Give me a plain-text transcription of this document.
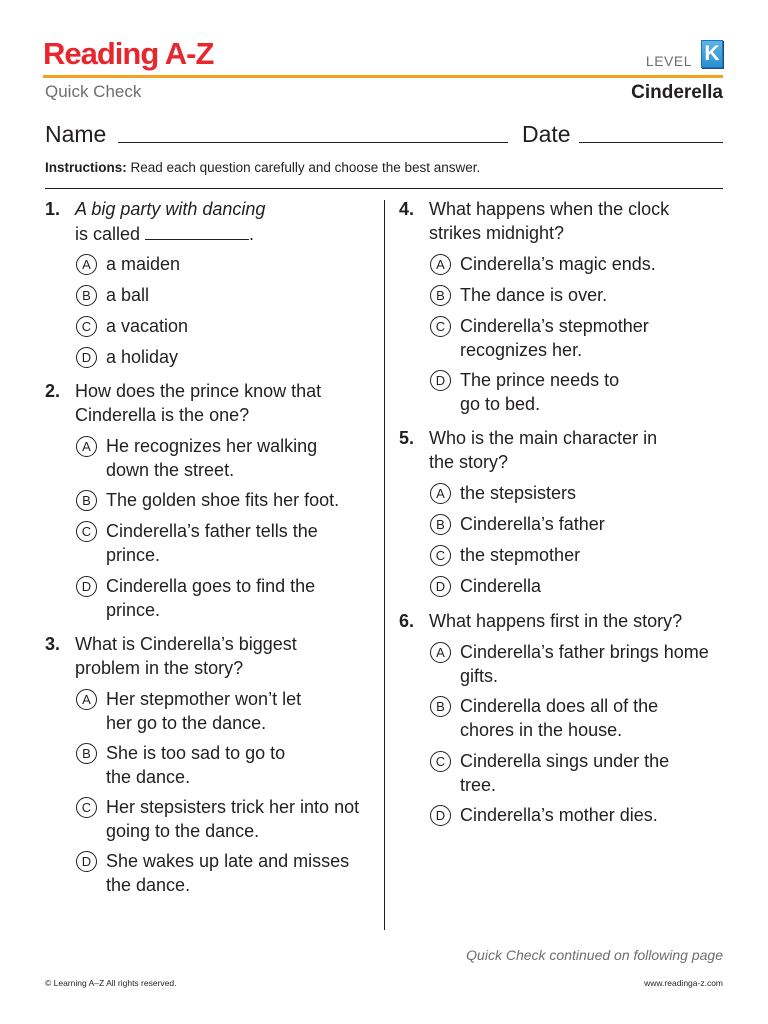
Reading A-Z	LEVEL K
Quick Check	Cinderella
Name	Date
Instructions: Read each question carefully and choose the best answer.
1. A big party with dancing
is called	.
A a maiden
B a ball
C a vacation
D a holiday
2. How does the prince know that Cinderella is the one?
A He recognizes her walking down the street.
B The golden shoe fits her foot.
C Cinderella’s father tells the prince.
D Cinderella goes to find the prince.
3. What is Cinderella’s biggest problem in the story?
A Her stepmother won’t let her go to the dance.
B She is too sad to go to the dance.
C Her stepsisters trick her into not going to the dance.
D She wakes up late and misses the dance.
4. What happens when the clock strikes midnight?
A Cinderella’s magic ends.
B The dance is over.
C Cinderella’s stepmother recognizes her.
D The prince needs to go to bed.
5. Who is the main character in the story?
A the stepsisters
B Cinderella’s father
C the stepmother
D Cinderella
6. What happens first in the story?
A Cinderella’s father brings home gifts.
B Cinderella does all of the chores in the house.
C Cinderella sings under the tree.
D Cinderella’s mother dies.
Quick Check continued on following page
© Learning A–Z All rights reserved.	www.readinga-z.com
